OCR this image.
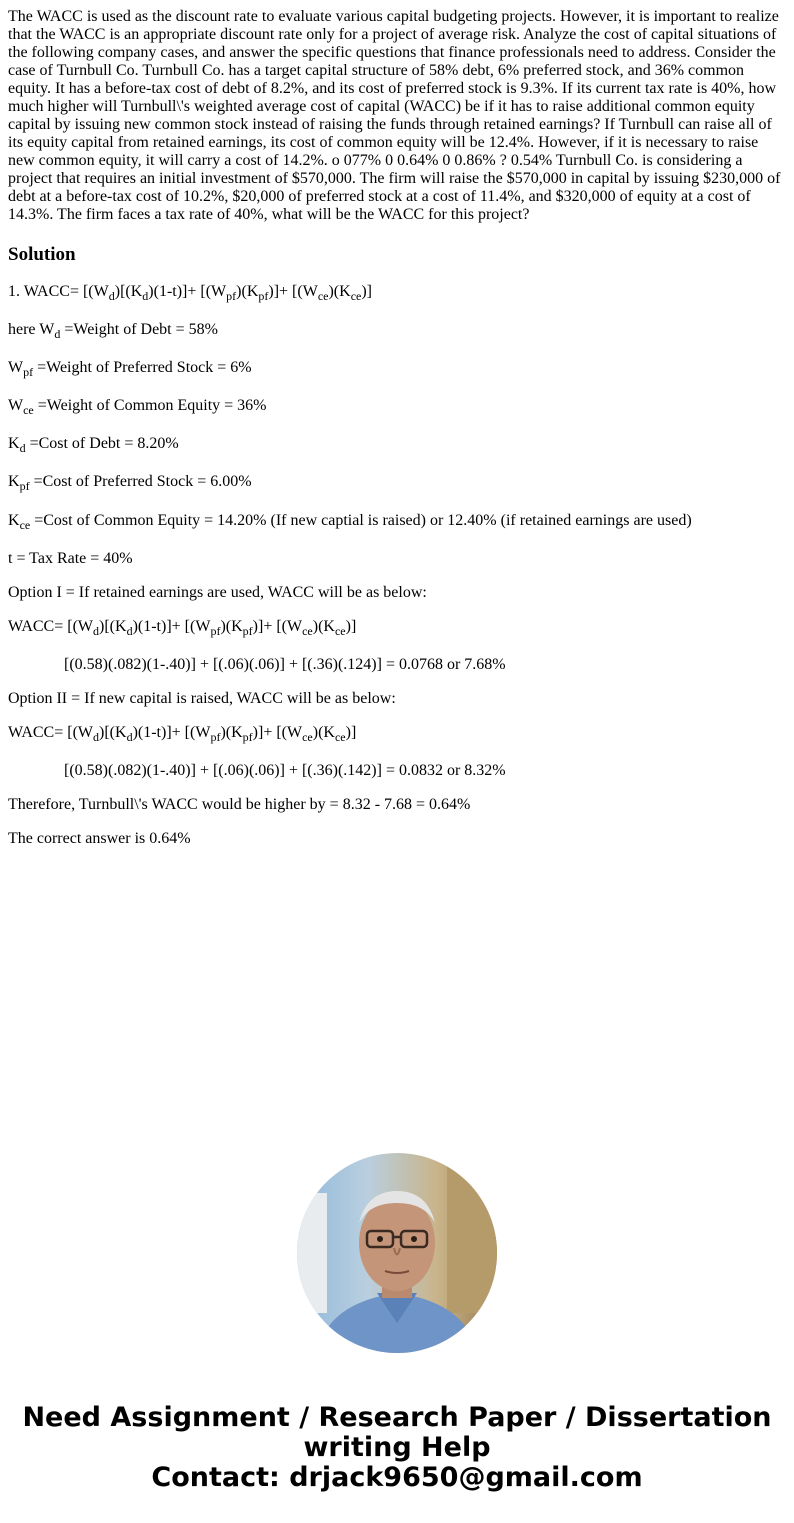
The WACC is used as the discount rate to evaluate various capital budgeting projects. However, it is important to realize that the WACC is an appropriate discount rate only for a project of average risk. Analyze the cost of capital situations of the following company cases, and answer the specific questions that finance professionals need to address. Consider the case of Turnbull Co. Turnbull Co. has a target capital structure of 58% debt, 6% preferred stock, and 36% common equity. It has a before-tax cost of debt of 8.2%, and its cost of preferred stock is 9.3%. If its current tax rate is 40%, how much higher will Turnbull\'s weighted average cost of capital (WACC) be if it has to raise additional common equity capital by issuing new common stock instead of raising the funds through retained earnings? If Turnbull can raise all of its equity capital from retained earnings, its cost of common equity will be 12.4%. However, if it is necessary to raise new common equity, it will carry a cost of 14.2%. o 077% 0 0.64% 0 0.86% ? 0.54% Turnbull Co. is considering a project that requires an initial investment of $570,000. The firm will raise the $570,000 in capital by issuing $230,000 of debt at a before-tax cost of 10.2%, $20,000 of preferred stock at a cost of 11.4%, and $320,000 of equity at a cost of 14.3%. The firm faces a tax rate of 40%, what will be the WACC for this project?

Solution

1. WACC= [$(W_d)[(K_d)(1-t)]+ [(W_{pf})(K_{pf})]+ [(W_{ce})(K_{ce})]$

here $W_d$ =Weight of Debt = 58%

$W_{pf}$ =Weight of Preferred Stock = 6%

$W_{ce}$ =Weight of Common Equity = 36%

$K_d$ =Cost of Debt = 8.20%

$K_{pf}$ =Cost of Preferred Stock = 6.00%

$K_{ce}$ =Cost of Common Equity = 14.20% (If new captial is raised) or 12.40% (if retained earnings are used)

t = Tax Rate = 40%

Option I = If retained earnings are used, WACC will be as below:

WACC= [$(W_d)[(K_d)(1-t)]+ [(W_{pf})(K_{pf})]+ [(W_{ce})(K_{ce})]$

[(0.58)(.082)(1-.40)] + [(.06)(.06)] + [(.36)(.124)] = 0.0768 or 7.68%

Option II = If new capital is raised, WACC will be as below:

WACC= [$(W_d)[(K_d)(1-t)]+ [(W_{pf})(K_{pf})]+ [(W_{ce})(K_{ce})]$

[(0.58)(.082)(1-.40)] + [(.06)(.06)] + [(.36)(.142)] = 0.0832 or 8.32%

Therefore, Turnbull\'s WACC would be higher by = 8.32 - 7.68 = 0.64%

The correct answer is 0.64%

Need Assignment / Research Paper / Dissertation
writing Help
Contact: drjack9650@gmail.com
